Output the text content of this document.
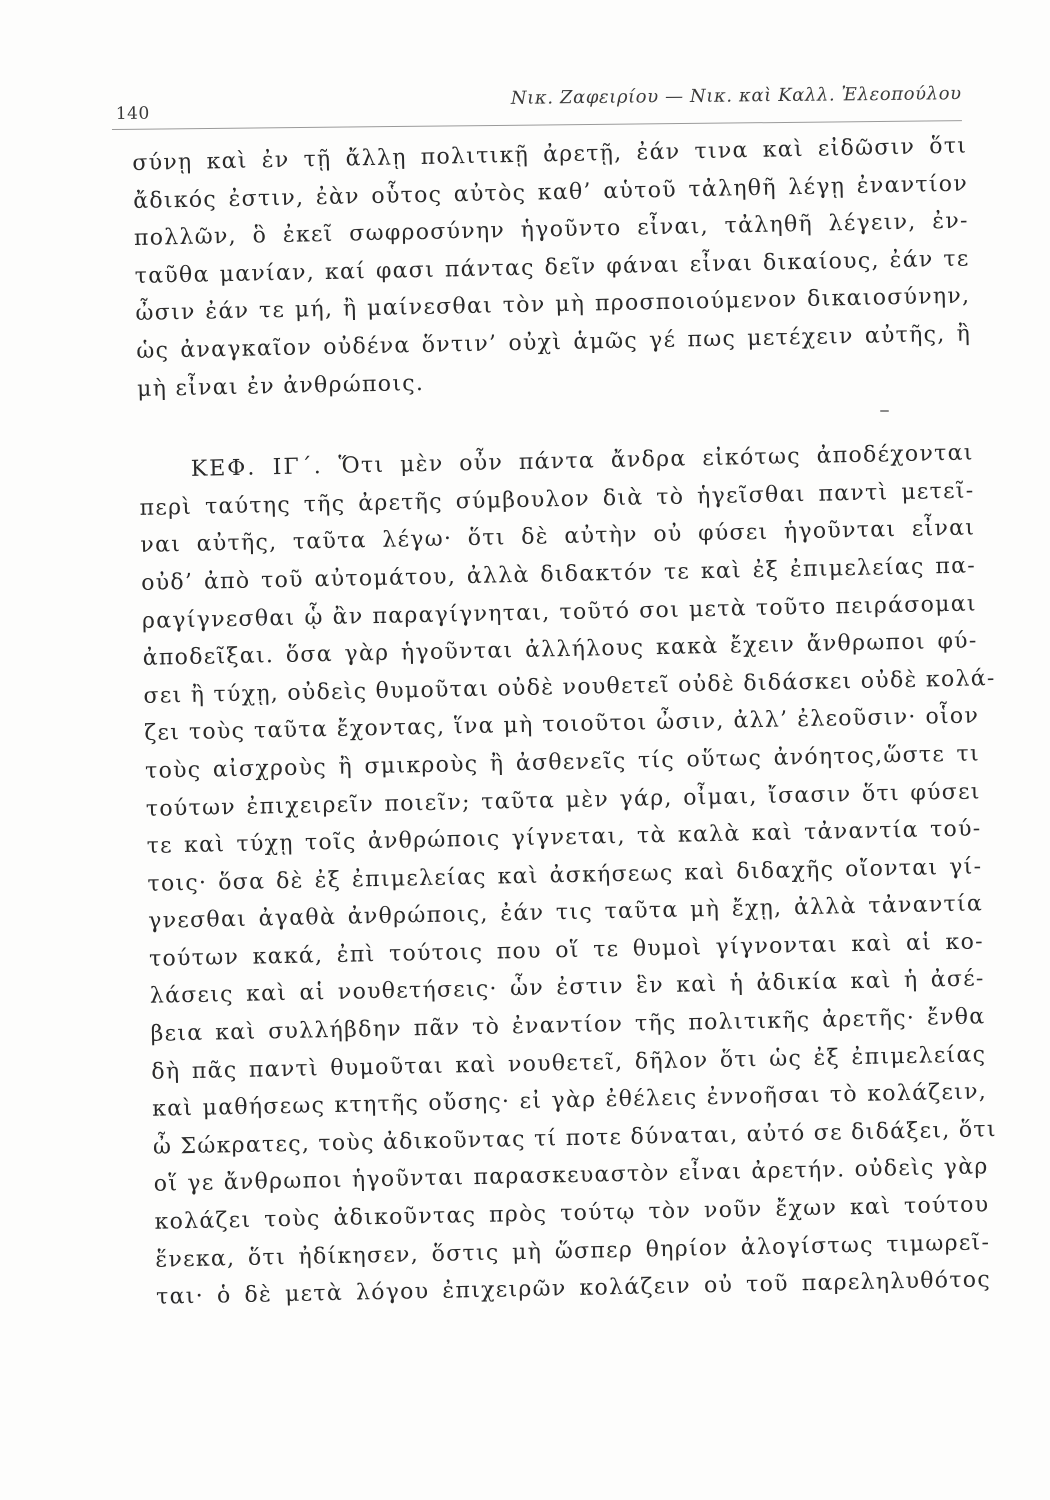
140
Νικ. Ζαφειρίου — Νικ. καὶ Καλλ. Ἐλεοπούλου
σύνῃ καὶ ἐν τῇ ἄλλῃ πολιτικῇ ἀρετῇ, ἐάν τινα καὶ εἰδῶσιν ὅτι
ἄδικός ἐστιν, ἐὰν οὗτος αὐτὸς καθ’ αὑτοῦ τἀληθῆ λέγῃ ἐναντίον
πολλῶν, ὃ ἐκεῖ σωφροσύνην ἡγοῦντο εἶναι, τἀληθῆ λέγειν, ἐν-
ταῦθα μανίαν, καί φασι πάντας δεῖν φάναι εἶναι δικαίους, ἐάν τε
ὦσιν ἐάν τε μή, ἢ μαίνεσθαι τὸν μὴ προσποιούμενον δικαιοσύνην,
ὡς ἀναγκαῖον οὐδένα ὅντιν’ οὐχὶ ἁμῶς γέ πως μετέχειν αὐτῆς, ἢ
μὴ εἶναι ἐν ἀνθρώποις.
ΚΕΦ. ΙΓ΄. Ὅτι μὲν οὖν πάντα ἄνδρα εἰκότως ἀποδέχονται
περὶ ταύτης τῆς ἀρετῆς σύμβουλον διὰ τὸ ἡγεῖσθαι παντὶ μετεῖ-
ναι αὐτῆς, ταῦτα λέγω· ὅτι δὲ αὐτὴν οὐ φύσει ἡγοῦνται εἶναι
οὐδ’ ἀπὸ τοῦ αὐτομάτου, ἀλλὰ διδακτόν τε καὶ ἐξ ἐπιμελείας πα-
ραγίγνεσθαι ᾧ ἂν παραγίγνηται, τοῦτό σοι μετὰ τοῦτο πειράσομαι
ἀποδεῖξαι. ὅσα γὰρ ἡγοῦνται ἀλλήλους κακὰ ἔχειν ἄνθρωποι φύ-
σει ἢ τύχῃ, οὐδεὶς θυμοῦται οὐδὲ νουθετεῖ οὐδὲ διδάσκει οὐδὲ κολά-
ζει τοὺς ταῦτα ἔχοντας, ἵνα μὴ τοιοῦτοι ὦσιν, ἀλλ’ ἐλεοῦσιν· οἷον
τοὺς αἰσχροὺς ἢ σμικροὺς ἢ ἀσθενεῖς τίς οὕτως ἀνόητος,ὥστε τι
τούτων ἐπιχειρεῖν ποιεῖν; ταῦτα μὲν γάρ, οἶμαι, ἴσασιν ὅτι φύσει
τε καὶ τύχῃ τοῖς ἀνθρώποις γίγνεται, τὰ καλὰ καὶ τἀναντία τού-
τοις· ὅσα δὲ ἐξ ἐπιμελείας καὶ ἀσκήσεως καὶ διδαχῆς οἴονται γί-
γνεσθαι ἀγαθὰ ἀνθρώποις, ἐάν τις ταῦτα μὴ ἔχῃ, ἀλλὰ τἀναντία
τούτων κακά, ἐπὶ τούτοις που οἵ τε θυμοὶ γίγνονται καὶ αἱ κο-
λάσεις καὶ αἱ νουθετήσεις· ὧν ἐστιν ἓν καὶ ἡ ἀδικία καὶ ἡ ἀσέ-
βεια καὶ συλλήβδην πᾶν τὸ ἐναντίον τῆς πολιτικῆς ἀρετῆς· ἔνθα
δὴ πᾶς παντὶ θυμοῦται καὶ νουθετεῖ, δῆλον ὅτι ὡς ἐξ ἐπιμελείας
καὶ μαθήσεως κτητῆς οὔσης· εἰ γὰρ ἐθέλεις ἐννοῆσαι τὸ κολάζειν,
ὦ Σώκρατες, τοὺς ἀδικοῦντας τί ποτε δύναται, αὐτό σε διδάξει, ὅτι
οἵ γε ἄνθρωποι ἡγοῦνται παρασκευαστὸν εἶναι ἀρετήν. οὐδεὶς γὰρ
κολάζει τοὺς ἀδικοῦντας πρὸς τούτῳ τὸν νοῦν ἔχων καὶ τούτου
ἕνεκα, ὅτι ἠδίκησεν, ὅστις μὴ ὥσπερ θηρίον ἀλογίστως τιμωρεῖ-
ται· ὁ δὲ μετὰ λόγου ἐπιχειρῶν κολάζειν οὐ τοῦ παρεληλυθότος
